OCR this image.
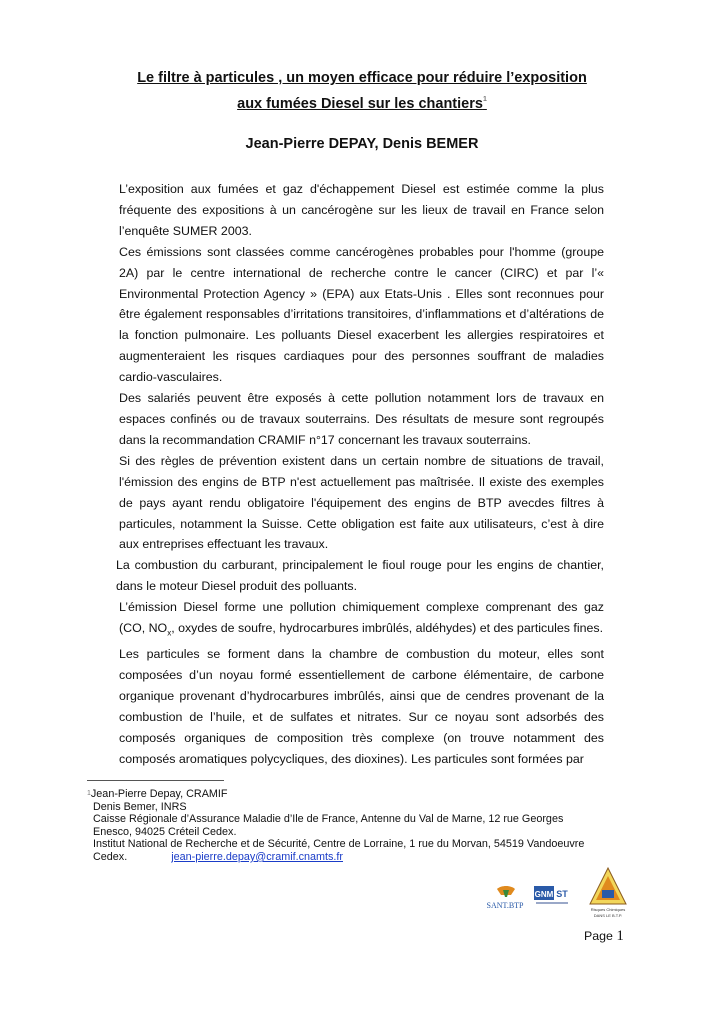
Le filtre à particules , un moyen efficace pour réduire l’exposition
aux fumées Diesel sur les chantiers$^1$
Jean-Pierre DEPAY, Denis BEMER

L’exposition aux fumées et gaz d'échappement Diesel est estimée comme la plus fréquente des expositions à un cancérogène sur les lieux de travail en France selon l’enquête SUMER 2003.

Ces émissions sont classées comme cancérogènes probables pour l'homme (groupe 2A) par le centre international de recherche contre le cancer (CIRC) et par l’« Environmental Protection Agency » (EPA) aux Etats-Unis . Elles sont reconnues pour être également responsables d’irritations transitoires, d’inflammations et d’altérations de la fonction pulmonaire. Les polluants Diesel exacerbent les allergies respiratoires et augmenteraient les risques cardiaques pour des personnes souffrant de maladies cardio-vasculaires.

Des salariés peuvent être exposés à cette pollution notamment lors de travaux en espaces confinés ou de travaux souterrains. Des résultats de mesure sont regroupés dans la recommandation CRAMIF n°17 concernant les travaux souterrains.

Si des règles de prévention existent dans un certain nombre de situations de travail, l'émission des engins de BTP n'est actuellement pas maîtrisée. Il existe des exemples de pays ayant rendu obligatoire l'équipement des engins de BTP avecdes filtres à particules, notamment la Suisse. Cette obligation est faite aux utilisateurs, c’est à dire aux entreprises effectuant les travaux.

La combustion du carburant, principalement le fioul rouge pour les engins de chantier, dans le moteur Diesel produit des polluants.

L’émission Diesel forme une pollution chimiquement complexe comprenant des gaz (CO, $NO_x$, oxydes de soufre, hydrocarbures imbrûlés, aldéhydes) et des particules fines.

Les particules se forment dans la chambre de combustion du moteur, elles sont composées d’un noyau formé essentiellement de carbone élémentaire, de carbone organique provenant d’hydrocarbures imbrûlés, ainsi que de cendres provenant de la combustion de l’huile, et de sulfates et nitrates. Sur ce noyau sont adsorbés des composés organiques de composition très complexe (on trouve notamment des composés aromatiques polycycliques, des dioxines). Les particules sont formées par

$^1$Jean-Pierre Depay, CRAMIF
Denis Bemer, INRS
Caisse Régionale d’Assurance Maladie d’Ile de France, Antenne du Val de Marne, 12 rue Georges
Enesco, 94025 Créteil Cedex.
Institut National de Recherche et de Sécurité, Centre de Lorraine, 1 rue du Morvan, 54519 Vandoeuvre
Cedex.	jean-pierre.depay@cramif.cnamts.fr
SANT.BTP
GNM ST
Risques Chimiques
DANS LE B.T.P.
Page 1
